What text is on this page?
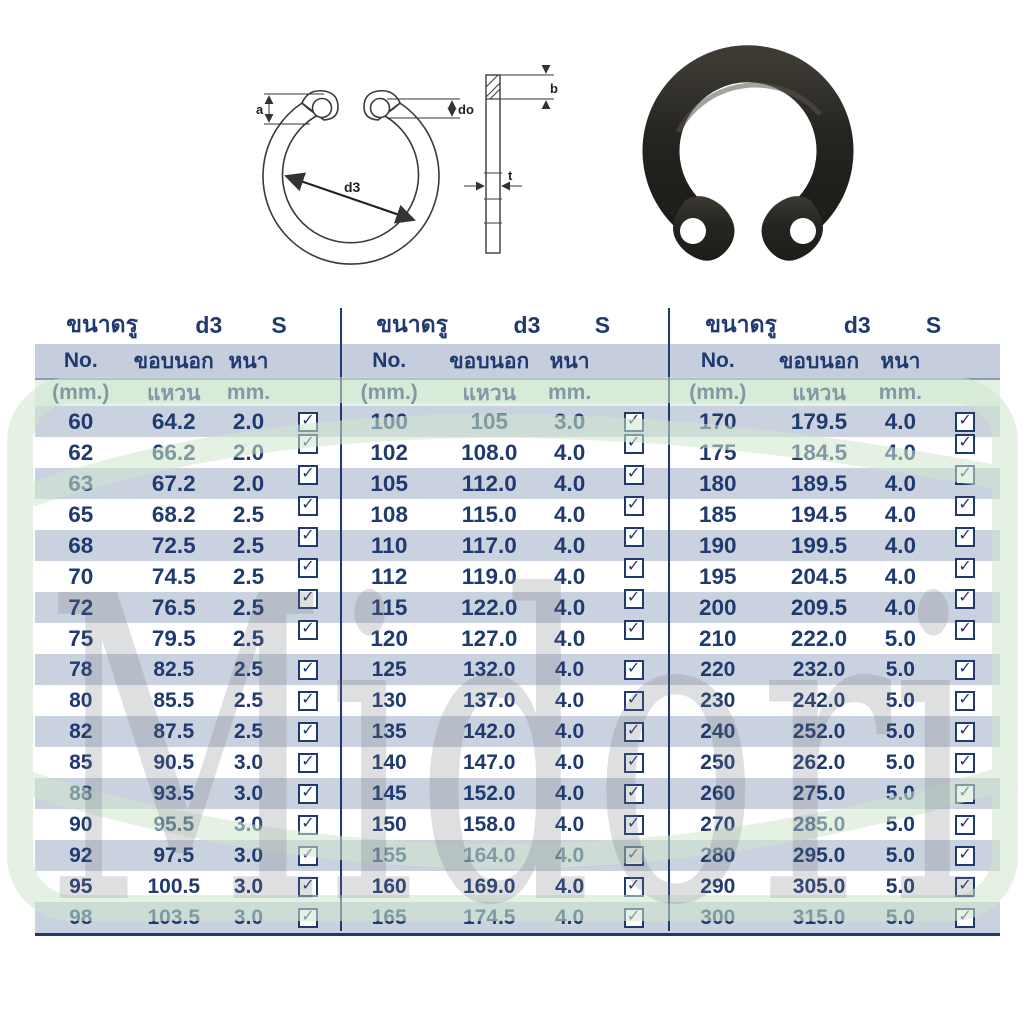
a	do
d3
b
t
ขนาดรู	d3	S
No.	ขอบนอก หนา
(mm.)	แหวน	mm.
60	64.2	2.0	✓
62	66.2	2.0	✓
63	67.2	2.0	✓
65	68.2	2.5	✓
68	72.5	2.5	✓
70	74.5	2.5	✓
72	76.5	2.5	✓
75	79.5	2.5	✓
78	82.5	2.5	✓
80	85.5	2.5	✓
82	87.5	2.5	✓
85	90.5	3.0	✓
88	93.5	3.0	✓
90	95.5	3.0	✓
92	97.5	3.0	✓
95	100.5	3.0	✓
98	103.5	3.0	✓
ขนาดรู	d3	S
No.	ขอบนอก หนา
(mm.)	แหวน	mm.
100	105	3.0	✓
102	108.0	4.0	✓
105	112.0	4.0	✓
108	115.0	4.0	✓
110	117.0	4.0	✓
112	119.0	4.0	✓
115	122.0	4.0	✓
120	127.0	4.0	✓
125	132.0	4.0	✓
130	137.0	4.0	✓
135	142.0	4.0	✓
140	147.0	4.0	✓
145	152.0	4.0	✓
150	158.0	4.0	✓
155	164.0	4.0	✓
160	169.0	4.0	✓
165	174.5	4.0	✓
ขนาดรู	d3	S
No.	ขอบนอก	หนา
(mm.)	แหวน	mm.
170	179.5	4.0	✓
175	184.5	4.0	✓
180	189.5	4.0	✓
185	194.5	4.0	✓
190	199.5	4.0	✓
195	204.5	4.0	✓
200	209.5	4.0	✓
210	222.0	5.0	✓
220	232.0	5.0	✓
230	242.0	5.0	✓
240	252.0	5.0	✓
250	262.0	5.0	✓
260	275.0	5.0	✓
270	285.0	5.0	✓
280	295.0	5.0	✓
290	305.0	5.0	✓
300	315.0	5.0	✓
Midori
